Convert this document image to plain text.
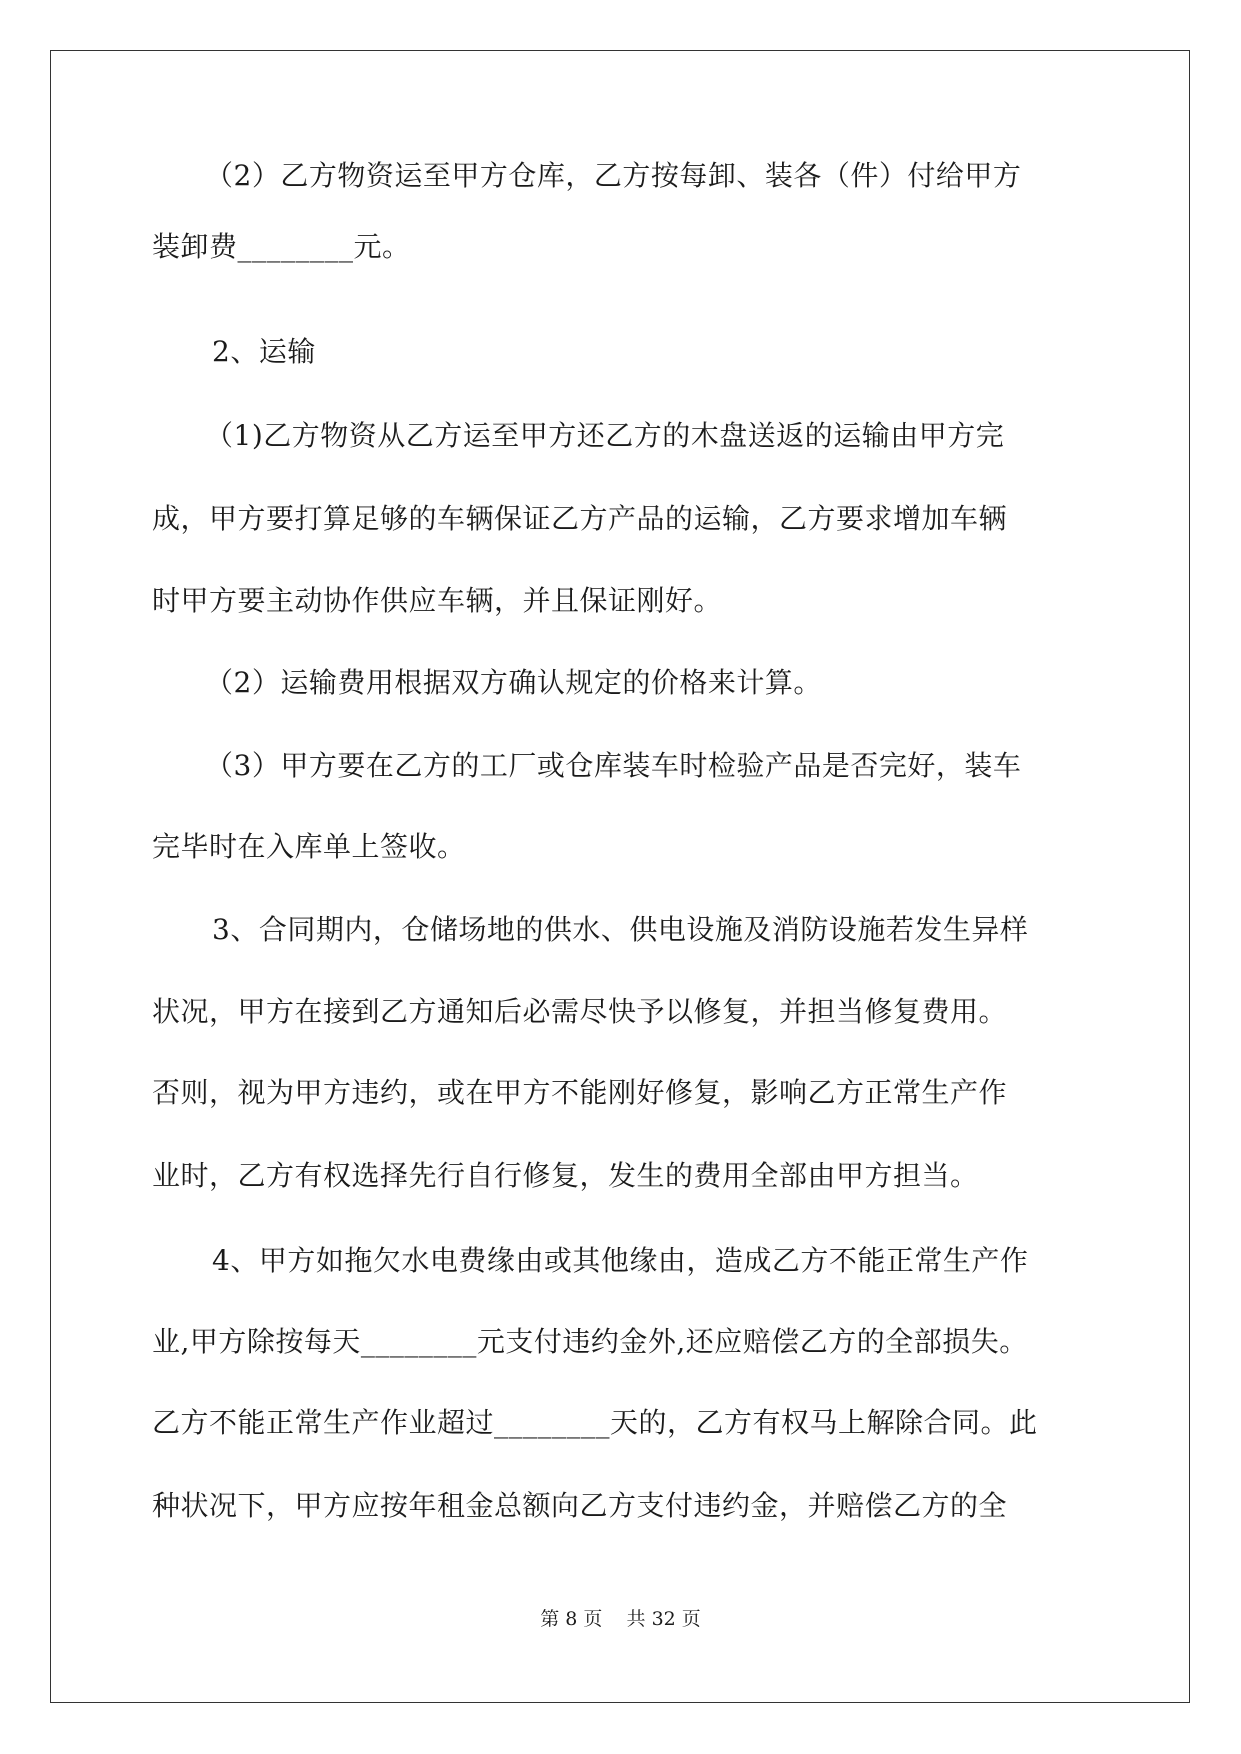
（2）乙方物资运至甲方仓库，乙方按每卸、装各（件）付给甲方
装卸费________元。
2、运输
（1)乙方物资从乙方运至甲方还乙方的木盘送返的运输由甲方完
成，甲方要打算足够的车辆保证乙方产品的运输，乙方要求增加车辆
时甲方要主动协作供应车辆，并且保证刚好。
（2）运输费用根据双方确认规定的价格来计算。
（3）甲方要在乙方的工厂或仓库装车时检验产品是否完好，装车
完毕时在入库单上签收。
3、合同期内，仓储场地的供水、供电设施及消防设施若发生异样
状况，甲方在接到乙方通知后必需尽快予以修复，并担当修复费用。
否则，视为甲方违约，或在甲方不能刚好修复，影响乙方正常生产作
业时，乙方有权选择先行自行修复，发生的费用全部由甲方担当。
4、甲方如拖欠水电费缘由或其他缘由，造成乙方不能正常生产作
业,甲方除按每天________元支付违约金外,还应赔偿乙方的全部损失。
乙方不能正常生产作业超过________天的，乙方有权马上解除合同。此
种状况下，甲方应按年租金总额向乙方支付违约金，并赔偿乙方的全
第 8 页    共 32 页
